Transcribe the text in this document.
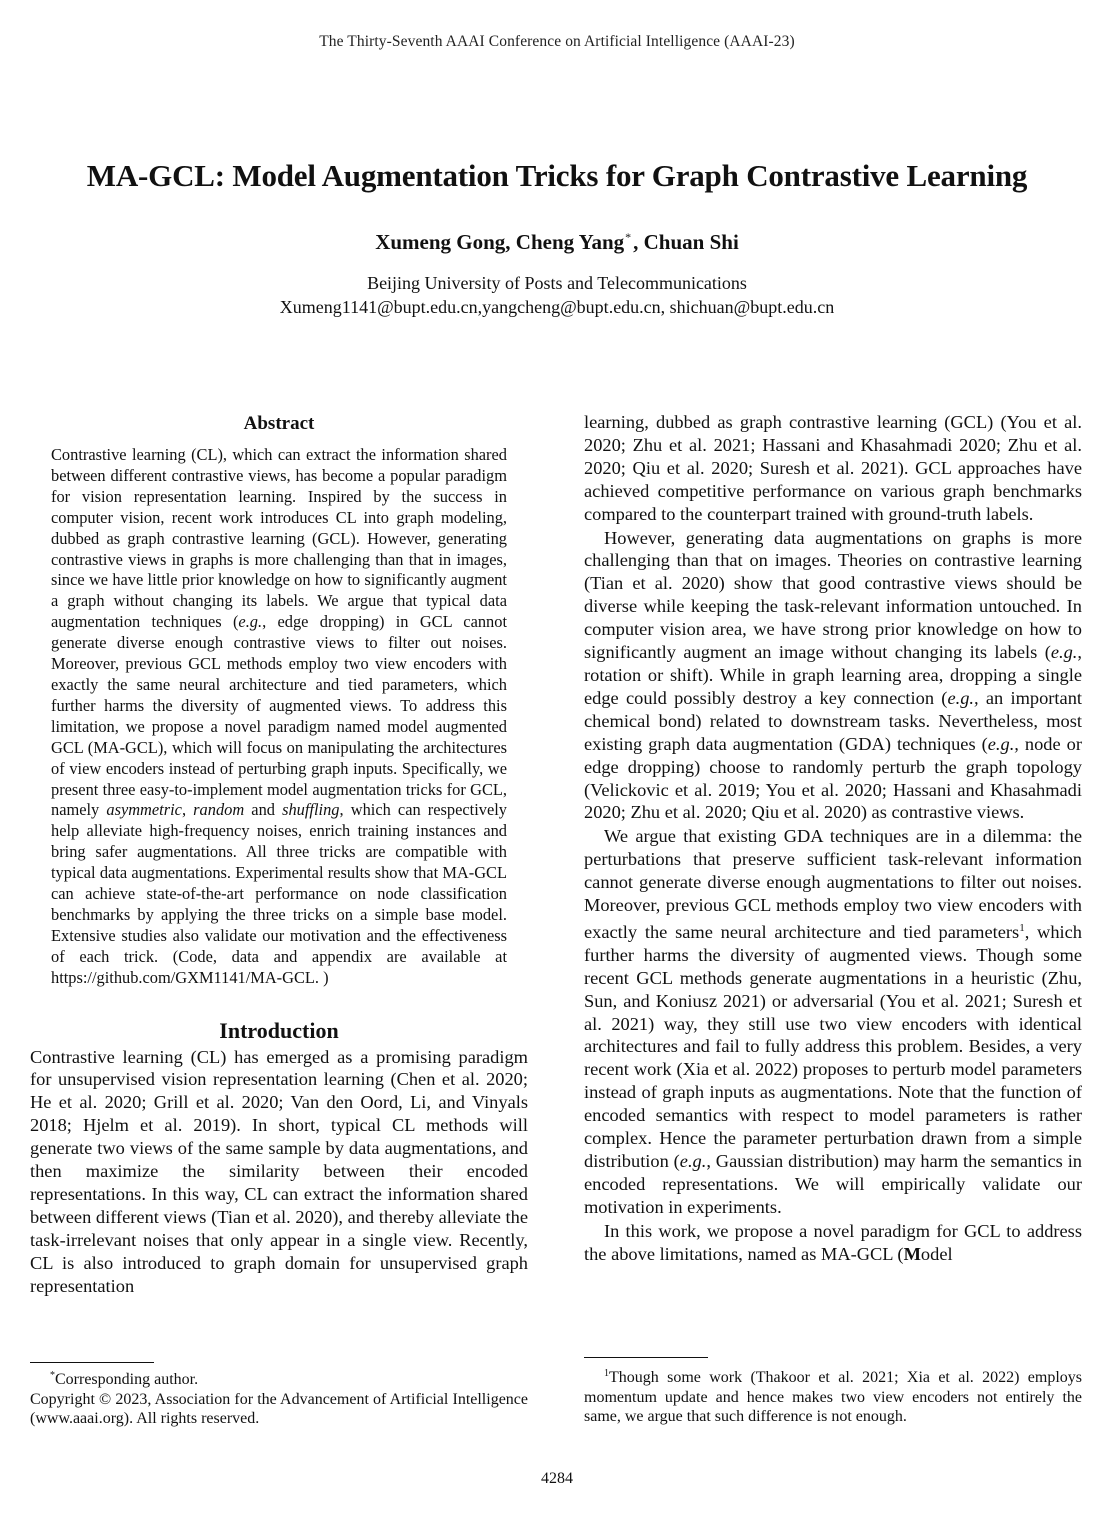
The Thirty-Seventh AAAI Conference on Artificial Intelligence (AAAI-23)
MA-GCL: Model Augmentation Tricks for Graph Contrastive Learning
Xumeng Gong, Cheng Yang*, Chuan Shi
Beijing University of Posts and Telecommunications
Xumeng1141@bupt.edu.cn,yangcheng@bupt.edu.cn, shichuan@bupt.edu.cn
Abstract
Contrastive learning (CL), which can extract the information shared between different contrastive views, has become a popular paradigm for vision representation learning. Inspired by the success in computer vision, recent work introduces CL into graph modeling, dubbed as graph contrastive learning (GCL). However, generating contrastive views in graphs is more challenging than that in images, since we have little prior knowledge on how to significantly augment a graph without changing its labels. We argue that typical data augmentation techniques (e.g., edge dropping) in GCL cannot generate diverse enough contrastive views to filter out noises. Moreover, previous GCL methods employ two view encoders with exactly the same neural architecture and tied parameters, which further harms the diversity of augmented views. To address this limitation, we propose a novel paradigm named model augmented GCL (MA-GCL), which will focus on manipulating the architectures of view encoders instead of perturbing graph inputs. Specifically, we present three easy-to-implement model augmentation tricks for GCL, namely asymmetric, random and shuffling, which can respectively help alleviate high-frequency noises, enrich training instances and bring safer augmentations. All three tricks are compatible with typical data augmentations. Experimental results show that MA-GCL can achieve state-of-the-art performance on node classification benchmarks by applying the three tricks on a simple base model. Extensive studies also validate our motivation and the effectiveness of each trick. (Code, data and appendix are available at https://github.com/GXM1141/MA-GCL. )
Introduction

Contrastive learning (CL) has emerged as a promising paradigm for unsupervised vision representation learning (Chen et al. 2020; He et al. 2020; Grill et al. 2020; Van den Oord, Li, and Vinyals 2018; Hjelm et al. 2019). In short, typical CL methods will generate two views of the same sample by data augmentations, and then maximize the similarity between their encoded representations. In this way, CL can extract the information shared between different views (Tian et al. 2020), and thereby alleviate the task-irrelevant noises that only appear in a single view. Recently, CL is also introduced to graph domain for unsupervised graph representation

learning, dubbed as graph contrastive learning (GCL) (You et al. 2020; Zhu et al. 2021; Hassani and Khasahmadi 2020; Zhu et al. 2020; Qiu et al. 2020; Suresh et al. 2021). GCL approaches have achieved competitive performance on various graph benchmarks compared to the counterpart trained with ground-truth labels.

However, generating data augmentations on graphs is more challenging than that on images. Theories on contrastive learning (Tian et al. 2020) show that good contrastive views should be diverse while keeping the task-relevant information untouched. In computer vision area, we have strong prior knowledge on how to significantly augment an image without changing its labels (e.g., rotation or shift). While in graph learning area, dropping a single edge could possibly destroy a key connection (e.g., an important chemical bond) related to downstream tasks. Nevertheless, most existing graph data augmentation (GDA) techniques (e.g., node or edge dropping) choose to randomly perturb the graph topology (Velickovic et al. 2019; You et al. 2020; Hassani and Khasahmadi 2020; Zhu et al. 2020; Qiu et al. 2020) as contrastive views.

We argue that existing GDA techniques are in a dilemma: the perturbations that preserve sufficient task-relevant information cannot generate diverse enough augmentations to filter out noises. Moreover, previous GCL methods employ two view encoders with exactly the same neural architecture and tied parameters$^1$, which further harms the diversity of augmented views. Though some recent GCL methods generate augmentations in a heuristic (Zhu, Sun, and Koniusz 2021) or adversarial (You et al. 2021; Suresh et al. 2021) way, they still use two view encoders with identical architectures and fail to fully address this problem. Besides, a very recent work (Xia et al. 2022) proposes to perturb model parameters instead of graph inputs as augmentations. Note that the function of encoded semantics with respect to model parameters is rather complex. Hence the parameter perturbation drawn from a simple distribution (e.g., Gaussian distribution) may harm the semantics in encoded representations. We will empirically validate our motivation in experiments.

In this work, we propose a novel paradigm for GCL to address the above limitations, named as MA-GCL (Model

*Corresponding author.
Copyright © 2023, Association for the Advancement of Artificial Intelligence (www.aaai.org). All rights reserved.
$^1$Though some work (Thakoor et al. 2021; Xia et al. 2022) employs momentum update and hence makes two view encoders not entirely the same, we argue that such difference is not enough.
4284
